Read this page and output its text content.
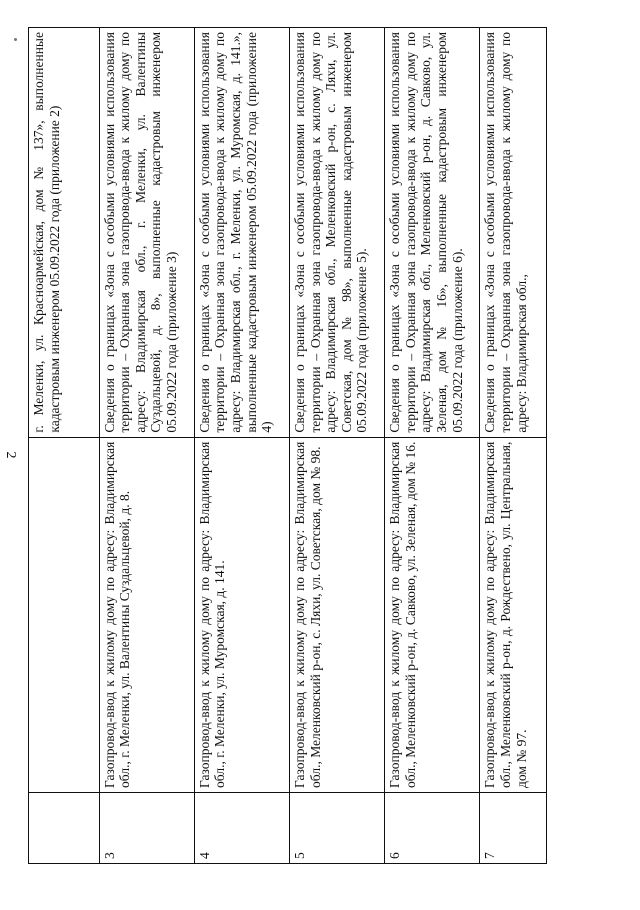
2

		г. Меленки, ул. Красноармейская, дом № 137», выполненные кадастровым инженером 05.09.2022 года (приложение 2)

3	Газопровод-ввод к жилому дому по адресу: Владимирская обл., г. Меленки, ул. Валентины Суздальцевой, д. 8.	Сведения о границах «Зона с особыми условиями использования территории – Охранная зона газопровода-ввода к жилому дому по адресу: Владимирская обл., г. Меленки, ул. Валентины Суздальцевой, д. 8», выполненные кадастровым инженером 05.09.2022 года (приложение 3)
4	Газопровод-ввод к жилому дому по адресу: Владимирская обл., г. Меленки, ул. Муромская, д. 141.	Сведения о границах «Зона с особыми условиями использования территории – Охранная зона газопровода-ввода к жилому дому по адресу: Владимирская обл., г. Меленки, ул. Муромская, д. 141.», выполненные кадастровым инженером 05.09.2022 года (приложение 4)
5	Газопровод-ввод к жилому дому по адресу: Владимирская обл., Меленковский р-он, с. Ляхи, ул. Советская, дом № 98.	Сведения о границах «Зона с особыми условиями использования территории – Охранная зона газопровода-ввода к жилому дому по адресу: Владимирская обл., Меленковский р-он, с. Ляхи, ул. Советская, дом № 98», выполненные кадастровым инженером 05.09.2022 года (приложение 5).
6	Газопровод-ввод к жилому дому по адресу: Владимирская обл., Меленковский р-он, д. Савково, ул. Зеленая, дом № 16.	Сведения о границах «Зона с особыми условиями использования территории – Охранная зона газопровода-ввода к жилому дому по адресу: Владимирская обл., Меленковский р-он, д. Савково, ул. Зеленая, дом № 16», выполненные кадастровым инженером 05.09.2022 года (приложение 6).
7	Газопровод-ввод к жилому дому по адресу: Владимирская обл., Меленковский р-он, д. Рождествено, ул. Центральная, дом № 97.	Сведения о границах «Зона с особыми условиями использования территории – Охранная зона газопровода-ввода к жилому дому по адресу: Владимирская обл.,
